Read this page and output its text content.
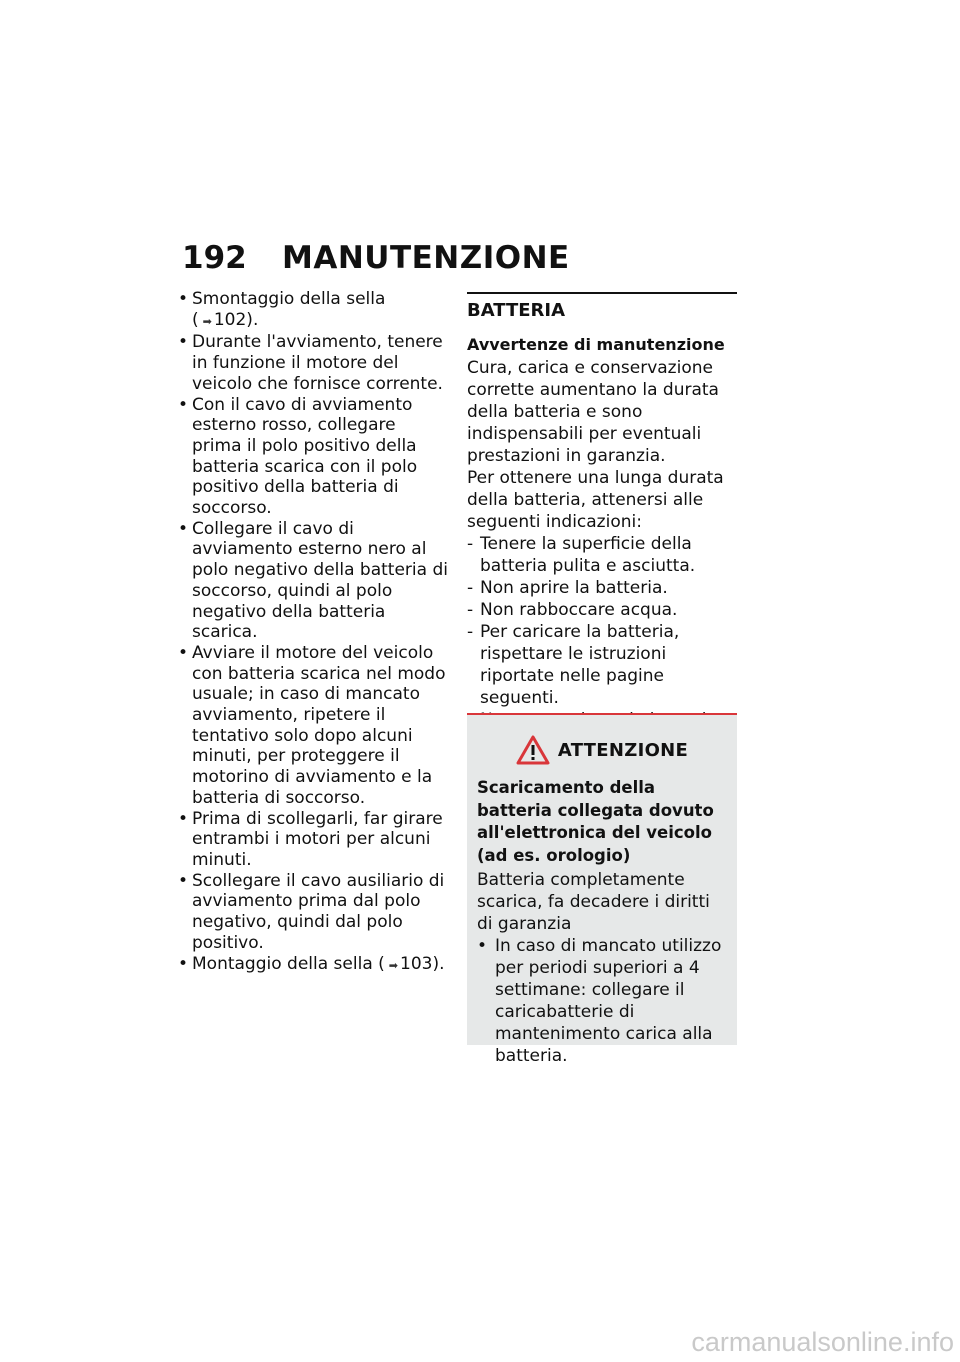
192	MANUTENZIONE
• Smontaggio della sella
( ➡ 102).
• Durante l'avviamento, tenere in funzione il motore del veicolo che fornisce corrente.
• Con il cavo di avviamento esterno rosso, collegare prima il polo positivo della batteria scarica con il polo positivo della batteria di soccorso.
• Collegare il cavo di avviamento esterno nero al polo negativo della batteria di soccorso, quindi al polo negativo della batteria scarica.
• Avviare il motore del veicolo con batteria scarica nel modo usuale; in caso di mancato avviamento, ripetere il tentativo solo dopo alcuni minuti, per proteggere il motorino di avviamento e la batteria di soccorso.
• Prima di scollegarli, far girare entrambi i motori per alcuni minuti.
• Scollegare il cavo ausiliario di avviamento prima dal polo negativo, quindi dal polo positivo.
• Montaggio della sella ( ➡ 103).
BATTERIA
Avvertenze di manutenzione

Cura, carica e conservazione corrette aumentano la durata della batteria e sono indispensabili per eventuali prestazioni in garanzia.

Per ottenere una lunga durata della batteria, attenersi alle seguenti indicazioni:

- Tenere la superficie della batteria pulita e asciutta.
- Non aprire la batteria.
- Non rabboccare acqua.
- Per caricare la batteria, rispettare le istruzioni riportate nelle pagine seguenti.
-
ATTENZIONE

Scaricamento della batteria collegata dovuto all'elettronica del veicolo (ad es. orologio)

Batteria completamente scarica, fa decadere i diritti di garanzia

• In caso di mancato utilizzo per periodi superiori a 4 settimane: collegare il caricabatterie di mantenimento carica alla batteria.
carmanualsonline.info
